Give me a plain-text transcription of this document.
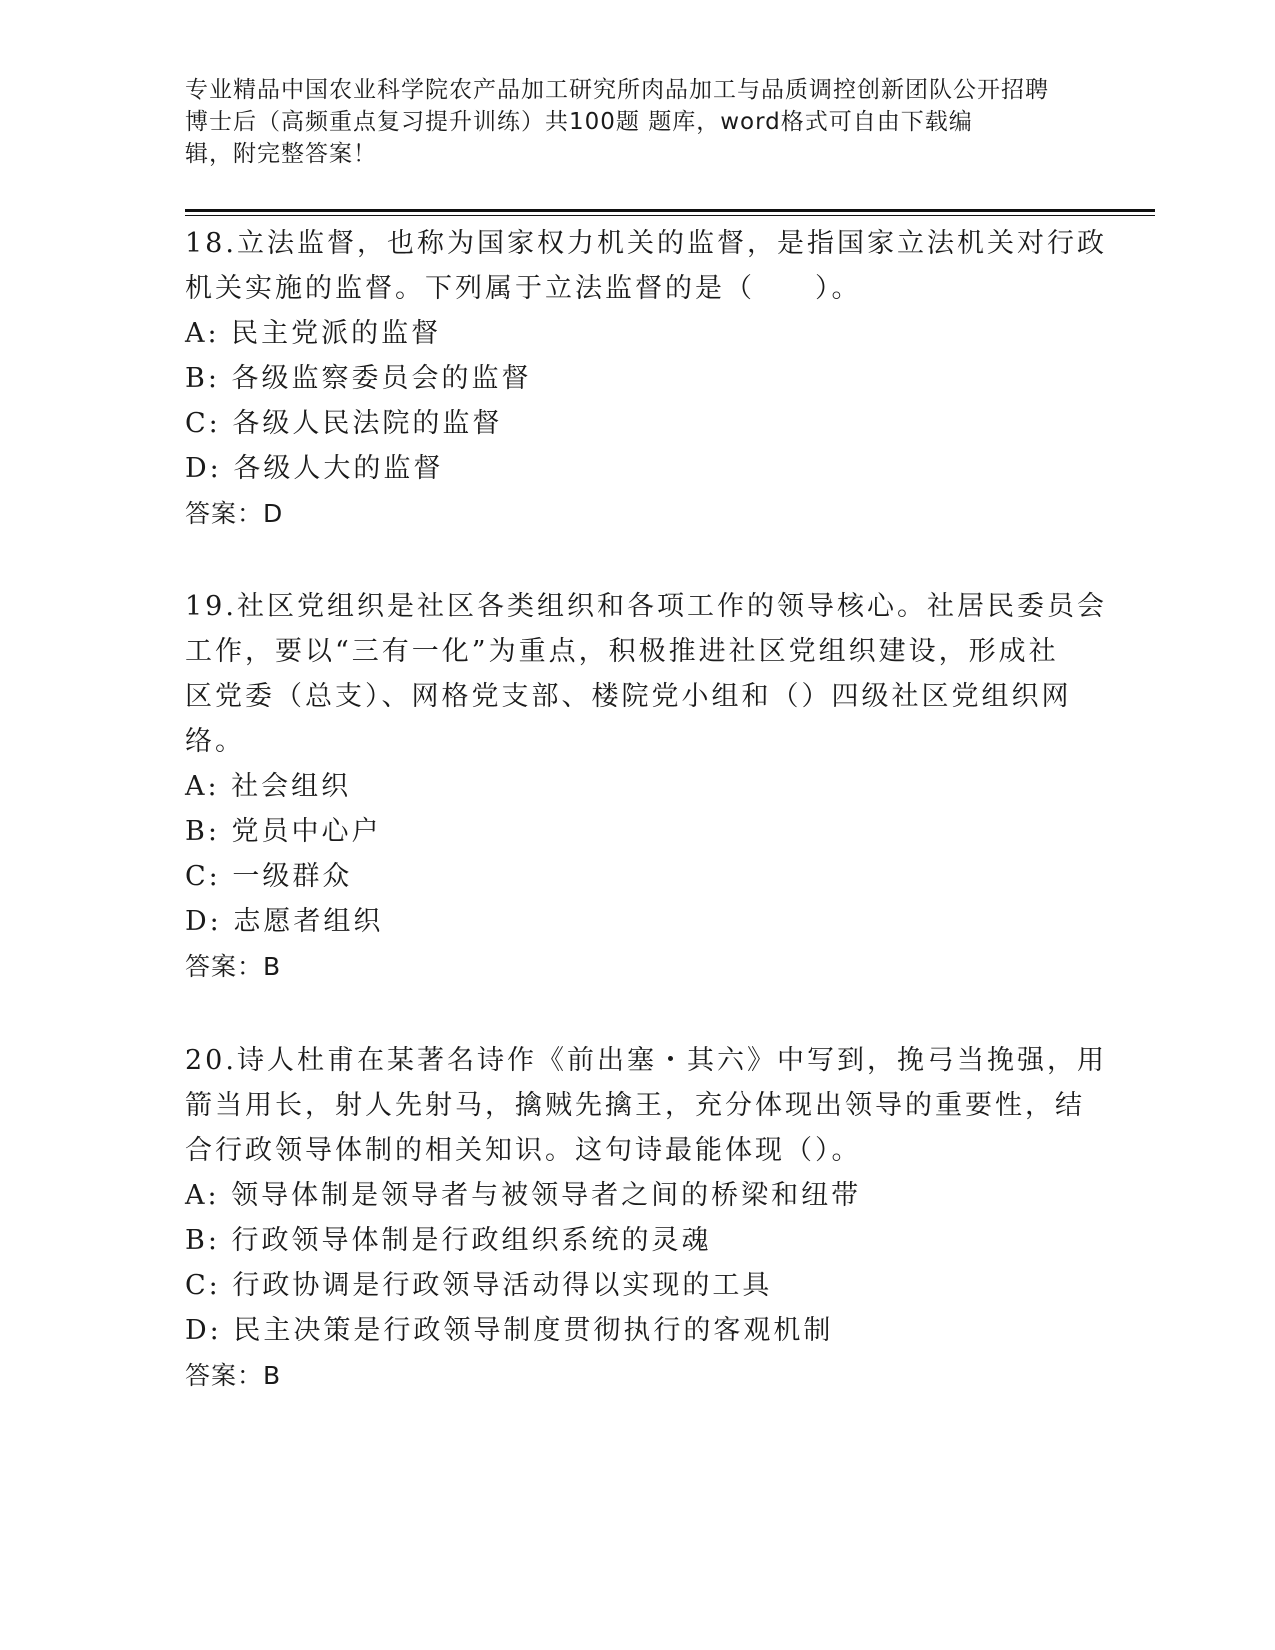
专业精品中国农业科学院农产品加工研究所肉品加工与品质调控创新团队公开招聘
博士后（高频重点复习提升训练）共100题 题库，word格式可自由下载编
辑，附完整答案！
18.立法监督，也称为国家权力机关的监督，是指国家立法机关对行政
机关实施的监督。下列属于立法监督的是（　　）。
A: 民主党派的监督
B: 各级监察委员会的监督
C: 各级人民法院的监督
D: 各级人大的监督
答案：D
19.社区党组织是社区各类组织和各项工作的领导核心。社居民委员会
工作，要以“三有一化”为重点，积极推进社区党组织建设，形成社
区党委（总支）、网格党支部、楼院党小组和（）四级社区党组织网
络。
A: 社会组织
B: 党员中心户
C: 一级群众
D: 志愿者组织
答案：B
20.诗人杜甫在某著名诗作《前出塞・其六》中写到，挽弓当挽强，用
箭当用长，射人先射马，擒贼先擒王，充分体现出领导的重要性，结
合行政领导体制的相关知识。这句诗最能体现（）。
A: 领导体制是领导者与被领导者之间的桥梁和纽带
B: 行政领导体制是行政组织系统的灵魂
C: 行政协调是行政领导活动得以实现的工具
D: 民主决策是行政领导制度贯彻执行的客观机制
答案：B
